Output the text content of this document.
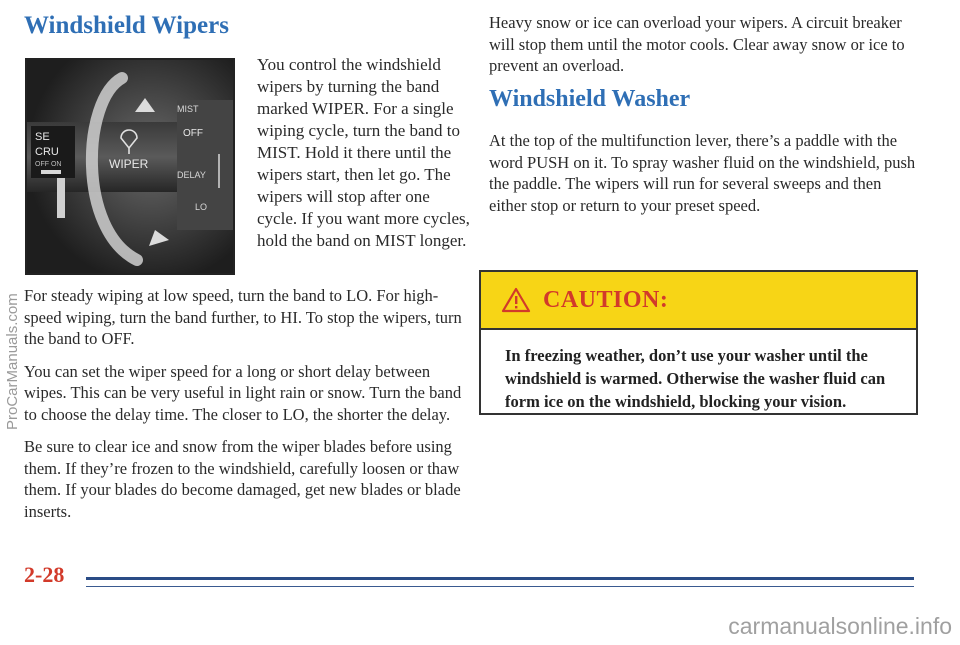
Windshield Wipers
WIPER
MIST
OFF
DELAY
LO
SE
CRU
OFF ON

You control the windshield wipers by turning the band marked WIPER. For a single wiping cycle, turn the band to MIST. Hold it there until the wipers start, then let go. The wipers will stop after one cycle. If you want more cycles, hold the band on MIST longer.

For steady wiping at low speed, turn the band to LO. For high-speed wiping, turn the band further, to HI. To stop the wipers, turn the band to OFF.

You can set the wiper speed for a long or short delay between wipes. This can be very useful in light rain or snow. Turn the band to choose the delay time. The closer to LO, the shorter the delay.

Be sure to clear ice and snow from the wiper blades before using them. If they’re frozen to the windshield, carefully loosen or thaw them. If your blades do become damaged, get new blades or blade inserts.

Heavy snow or ice can overload your wipers. A circuit breaker will stop them until the motor cools. Clear away snow or ice to prevent an overload.

Windshield Washer

At the top of the multifunction lever, there’s a paddle with the word PUSH on it. To spray washer fluid on the windshield, push the paddle. The wipers will run for several sweeps and then either stop or return to your preset speed.

CAUTION:

In freezing weather, don’t use your washer until the windshield is warmed. Otherwise the washer fluid can form ice on the windshield, blocking your vision.

2-28
ProCarManuals.com
carmanualsonline.info
